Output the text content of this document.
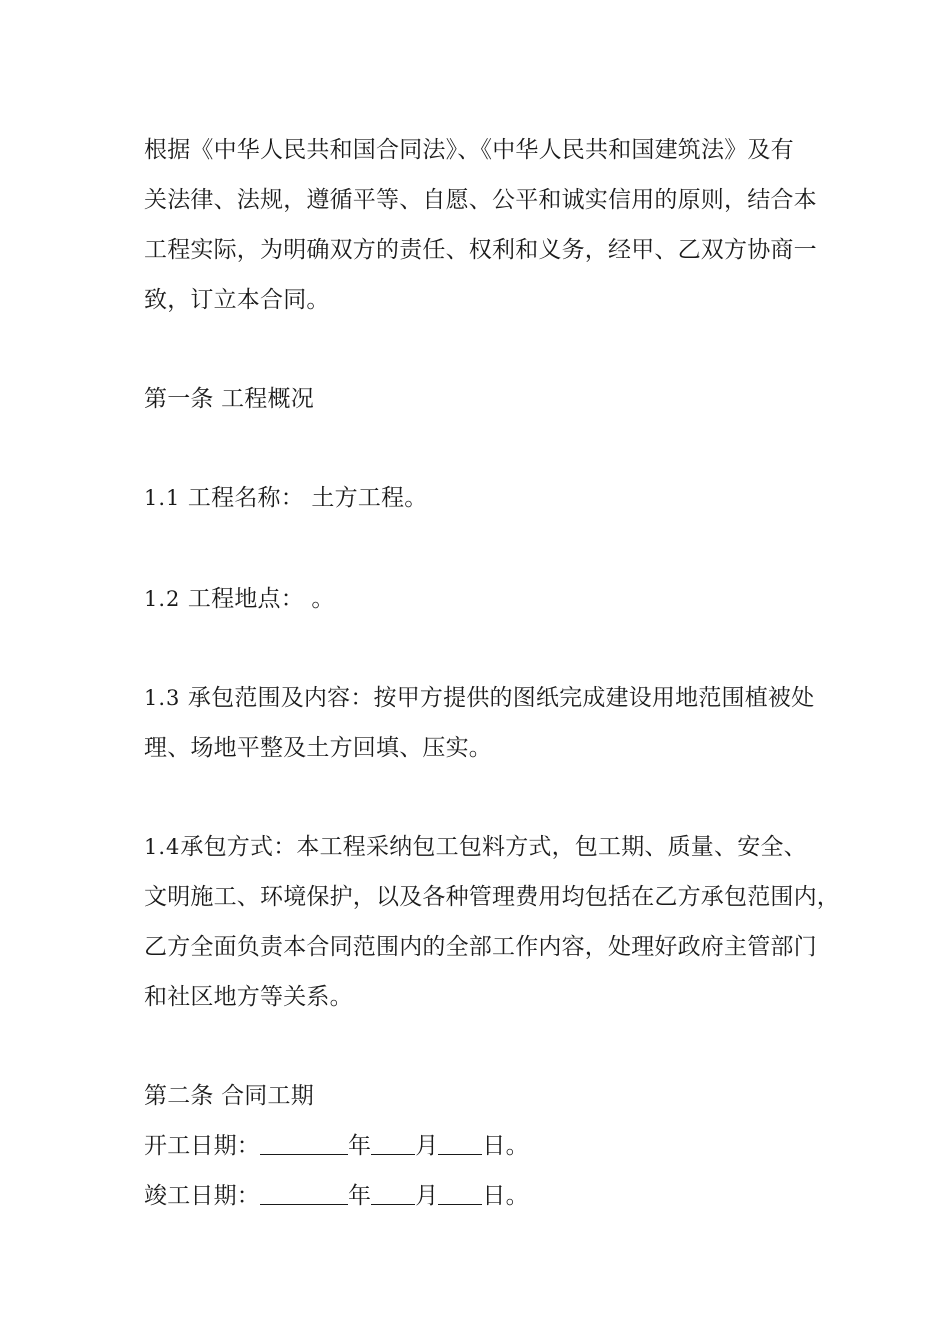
根据《中华人民共和国合同法》、《中华人民共和国建筑法》及有
关法律、法规，遵循平等、自愿、公平和诚实信用的原则，结合本
工程实际，为明确双方的责任、权利和义务，经甲、乙双方协商一
致，订立本合同。
第一条 工程概况
1.1 工程名称： 土方工程。
1.2 工程地点： 。
1.3 承包范围及内容：按甲方提供的图纸完成建设用地范围植被处
理、场地平整及土方回填、压实。
1.4承包方式：本工程采纳包工包料方式，包工期、质量、安全、
文明施工、环境保护，以及各种管理费用均包括在乙方承包范围内，
乙方全面负责本合同范围内的全部工作内容，处理好政府主管部门
和社区地方等关系。
第二条 合同工期
开工日期：	年 月 日。
竣工日期：	年 月 日。
